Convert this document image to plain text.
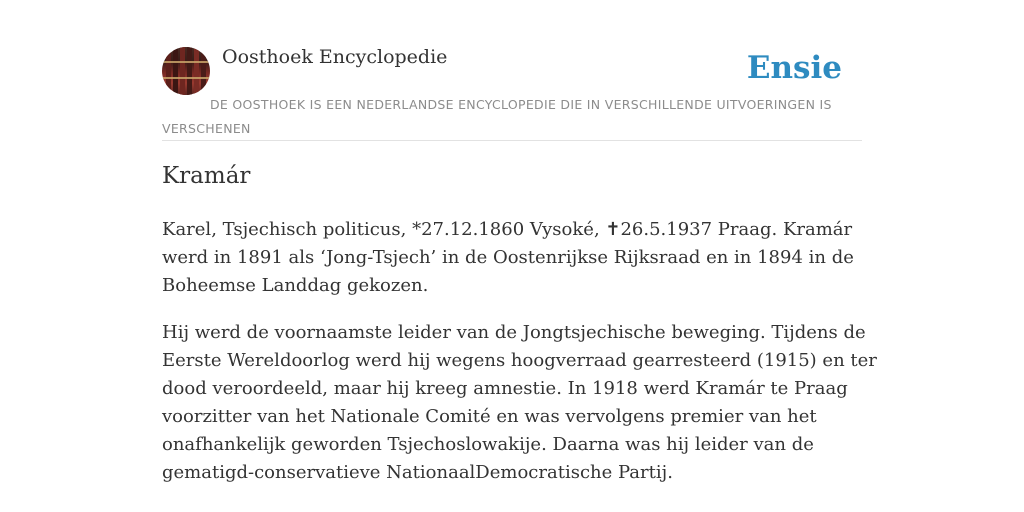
Oosthoek Encyclopedie	Ensie
DE OOSTHOEK IS EEN NEDERLANDSE ENCYCLOPEDIE DIE IN VERSCHILLENDE UITVOERINGEN IS VERSCHENEN
Kramár

Karel, Tsjechisch politicus, *27.12.1860 Vysoké, ✝26.5.1937 Praag. Kramár werd in 1891 als ‘Jong-Tsjech’ in de Oostenrijkse Rijksraad en in 1894 in de Boheemse Landdag gekozen.

Hij werd de voornaamste leider van de Jongtsjechische beweging. Tijdens de Eerste Wereldoorlog werd hij wegens hoogverraad gearresteerd (1915) en ter dood veroordeeld, maar hij kreeg amnestie. In 1918 werd Kramár te Praag voorzitter van het Nationale Comité en was vervolgens premier van het onafhankelijk geworden Tsjechoslowakije. Daarna was hij leider van de gematigd-conservatieve NationaalDemocratische Partij.
